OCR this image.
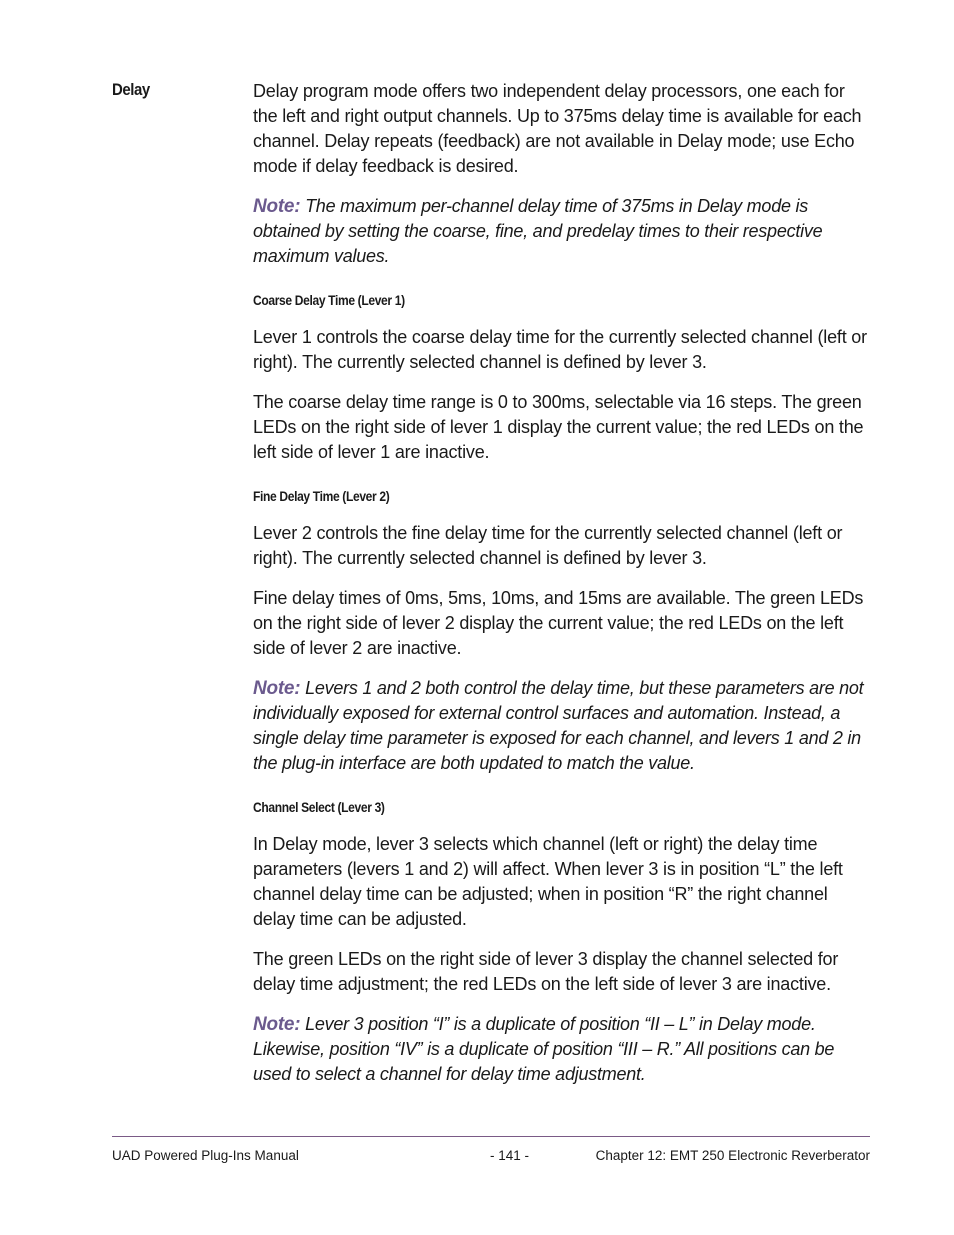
Delay	Delay program mode offers two independent delay processors, one each for the left and right output channels. Up to 375ms delay time is available for each channel. Delay repeats (feedback) are not available in Delay mode; use Echo mode if delay feedback is desired.

Note: The maximum per-channel delay time of 375ms in Delay mode is obtained by setting the coarse, fine, and predelay times to their respective maximum values.

Coarse Delay Time (Lever 1)

Lever 1 controls the coarse delay time for the currently selected channel (left or right). The currently selected channel is defined by lever 3.

The coarse delay time range is 0 to 300ms, selectable via 16 steps. The green LEDs on the right side of lever 1 display the current value; the red LEDs on the left side of lever 1 are inactive.

Fine Delay Time (Lever 2)

Lever 2 controls the fine delay time for the currently selected channel (left or right). The currently selected channel is defined by lever 3.

Fine delay times of 0ms, 5ms, 10ms, and 15ms are available. The green LEDs on the right side of lever 2 display the current value; the red LEDs on the left side of lever 2 are inactive.

Note: Levers 1 and 2 both control the delay time, but these parameters are not individually exposed for external control surfaces and automation. Instead, a single delay time parameter is exposed for each channel, and levers 1 and 2 in the plug-in interface are both updated to match the value.

Channel Select (Lever 3)

In Delay mode, lever 3 selects which channel (left or right) the delay time parameters (levers 1 and 2) will affect. When lever 3 is in position “L” the left channel delay time can be adjusted; when in position “R” the right channel delay time can be adjusted.

The green LEDs on the right side of lever 3 display the channel selected for delay time adjustment; the red LEDs on the left side of lever 3 are inactive.

Note: Lever 3 position “I” is a duplicate of position “II – L” in Delay mode. Likewise, position “IV” is a duplicate of position “III – R.” All positions can be used to select a channel for delay time adjustment.

UAD Powered Plug-Ins Manual	- 141 -	Chapter 12: EMT 250 Electronic Reverberator
